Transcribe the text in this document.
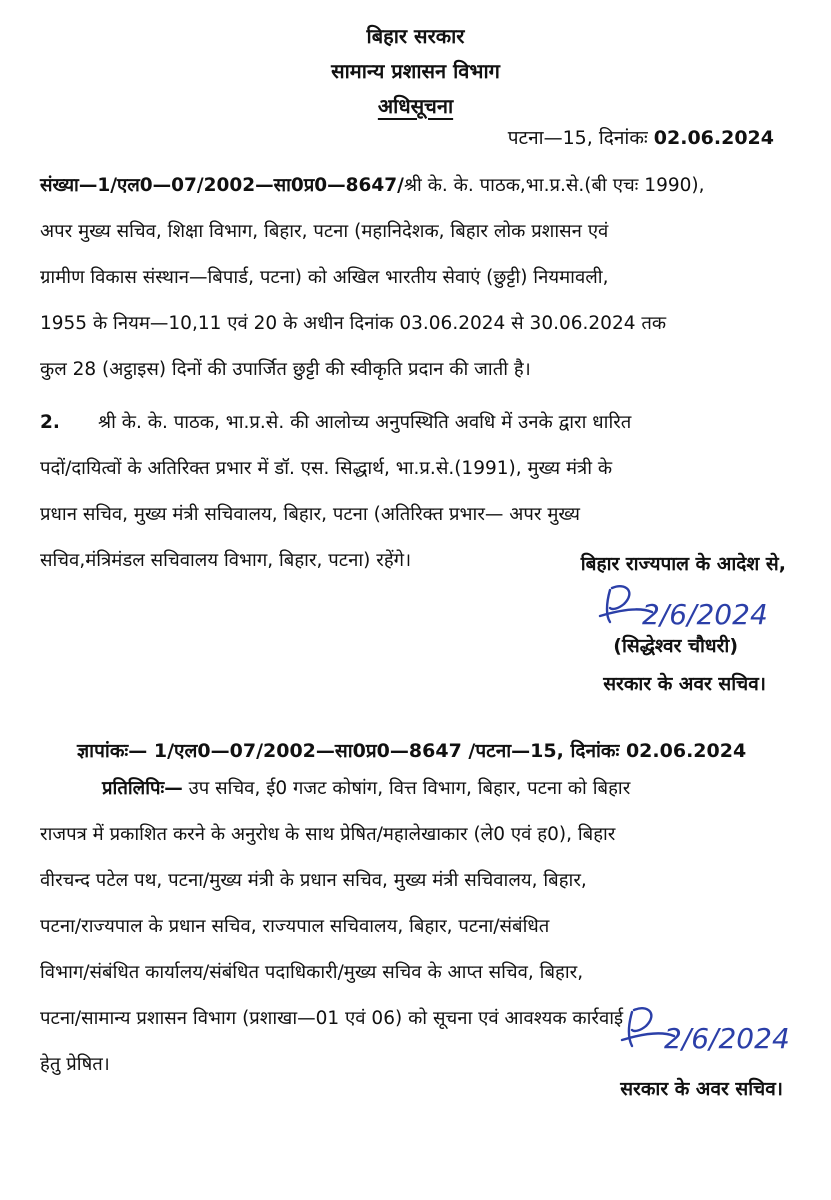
बिहार सरकार
सामान्य प्रशासन विभाग
अधिसूचना
पटना—15, दिनांकः 02.06.2024
संख्या—1/एल0—07/2002—सा0प्र0—8647/श्री के. के. पाठक,भा.प्र.से.(बी एचः 1990),
अपर मुख्य सचिव, शिक्षा विभाग, बिहार, पटना (महानिदेशक, बिहार लोक प्रशासन एवं
ग्रामीण विकास संस्थान—बिपार्ड, पटना) को अखिल भारतीय सेवाएं (छुट्टी) नियमावली,
1955 के नियम—10,11 एवं 20 के अधीन दिनांक 03.06.2024 से 30.06.2024 तक
कुल 28 (अट्ठाइस) दिनों की उपार्जित छुट्टी की स्वीकृति प्रदान की जाती है।
2. श्री के. के. पाठक, भा.प्र.से. की आलोच्य अनुपस्थिति अवधि में उनके द्वारा धारित
पदों/दायित्वों के अतिरिक्त प्रभार में डॉ. एस. सिद्धार्थ, भा.प्र.से.(1991), मुख्य मंत्री के
प्रधान सचिव, मुख्य मंत्री सचिवालय, बिहार, पटना (अतिरिक्त प्रभार— अपर मुख्य
सचिव,मंत्रिमंडल सचिवालय विभाग, बिहार, पटना) रहेंगे।	बिहार राज्यपाल के आदेश से,
2/6/2024
(सिद्धेश्वर चौधरी)
सरकार के अवर सचिव।
ज्ञापांकः— 1/एल0—07/2002—सा0प्र0—8647 /पटना—15, दिनांकः 02.06.2024
प्रतिलिपिः— उप सचिव, ई0 गजट कोषांग, वित्त विभाग, बिहार, पटना को बिहार
राजपत्र में प्रकाशित करने के अनुरोध के साथ प्रेषित/महालेखाकार (ले0 एवं ह0), बिहार
वीरचन्द पटेल पथ, पटना/मुख्य मंत्री के प्रधान सचिव, मुख्य मंत्री सचिवालय, बिहार,
पटना/राज्यपाल के प्रधान सचिव, राज्यपाल सचिवालय, बिहार, पटना/संबंधित
विभाग/संबंधित कार्यालय/संबंधित पदाधिकारी/मुख्य सचिव के आप्त सचिव, बिहार,
पटना/सामान्य प्रशासन विभाग (प्रशाखा—01 एवं 06) को सूचना एवं आवश्यक कार्रवाई
हेतु प्रेषित।
2/6/2024
सरकार के अवर सचिव।
